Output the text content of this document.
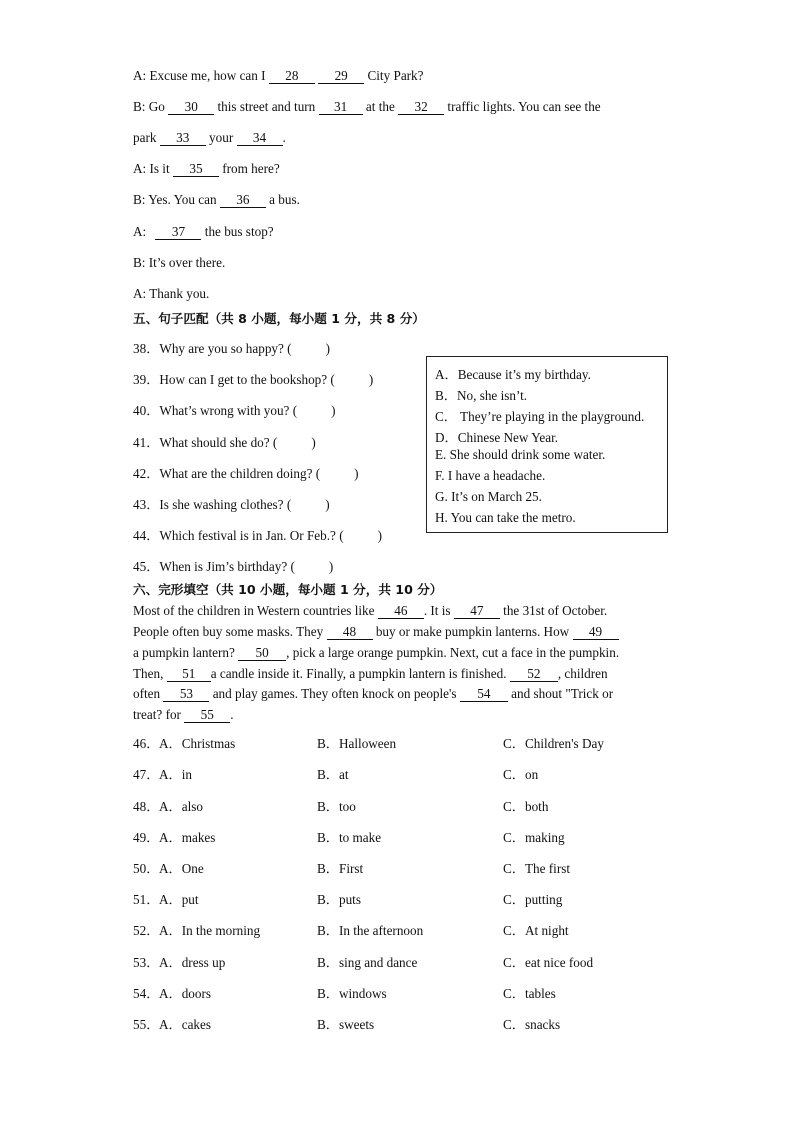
A: Excuse me, how can I 28	29 City Park?
B: Go 30 this street and turn 31 at the 32 traffic lights. You can see the
park 33 your 34 .
A: Is it 35 from here?
B: Yes. You can 36 a bus.
A: 37 the bus stop?
B: It’s over there.
A: Thank you.
五、句子匹配（共 8 小题，每小题 1 分，共 8 分）
38．Why are you so happy? (	)
39．How can I get to the bookshop? (	)
40．What’s wrong with you? (	)
41．What should she do? (	)
42．What are the children doing? (	)
43．Is she washing clothes? (	)
44．Which festival is in Jan. Or Feb.? (	)
45．When is Jim’s birthday? (	)
A．Because it’s my birthday.
B．No, she isn’t.
C． They’re playing in the playground.
D．Chinese New Year.
E. She should drink some water.
F. I have a headache.
G. It’s on March 25.
H. You can take the metro.
六、完形填空（共 10 小题，每小题 1 分，共 10 分）
Most of the children in Western countries like 46 . It is 47 the 31st of October.
People often buy some masks. They 48 buy or make pumpkin lanterns. How 49
a pumpkin lantern? 50 , pick a large orange pumpkin. Next, cut a face in the pumpkin.
Then, 51 a candle inside it. Finally, a pumpkin lantern is finished. 52 , children
often 53 and play games. They often knock on people's 54 and shout "Trick or
treat? for 55 .
46． A．Christmas	B．Halloween	C．Children's Day
47． A．in	B．at	C．on
48． A．also	B．too	C．both
49． A．makes	B．to make	C．making
50． A．One	B．First	C．The first
51． A．put	B．puts	C．putting
52． A．In the morning	B．In the afternoon	C．At night
53． A．dress up	B．sing and dance	C．eat nice food
54． A．doors	B．windows	C．tables
55． A．cakes	B．sweets	C．snacks
